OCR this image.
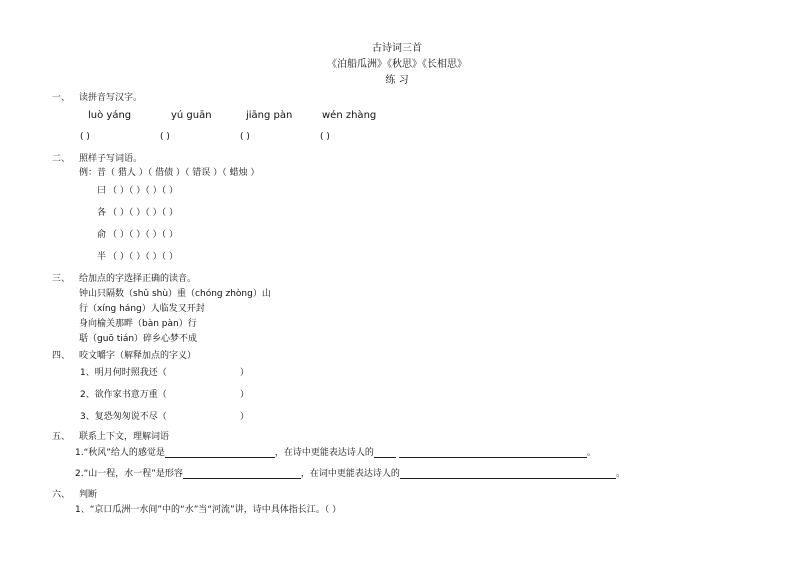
古诗词三首
《泊船瓜洲》《秋思》《长相思》
练 习
一、 读拼音写汉字。
luò yáng	yú guān	jiāng pàn	wén zhàng
( )	( )	( )	( )
二、 照样子写词语。
例：昔（ 猎人 ）（ 借债 ）（ 错误 ）（ 蜡烛 ）
曰 （ ）（ ）（ ）（ ）
各 （ ）（ ）（ ）（ ）
俞 （ ）（ ）（ ）（ ）
半 （ ）（ ）（ ）（ ）
三、 给加点的字选择正确的读音。
钟山只隔数（shǔ shù）重（chóng zhòng）山
行（xíng háng）人临发又开封
身向榆关那畔（bàn pàn）行
聒（guō tián）碎乡心梦不成
四、 咬文嚼字（解释加点的字义）
1、明月何时照我还（	）
2、欲作家书意万重（	）
3、复恐匆匆说不尽（	）
五、 联系上下文，理解词语
1.“秋风”给人的感觉是	，在诗中更能表达诗人的	。
2.“山一程，水一程”是形容	，在词中更能表达诗人的	。
六、 判断
1、“京口瓜洲一水间”中的“水”当“河流”讲，诗中具体指长江。（ ）
